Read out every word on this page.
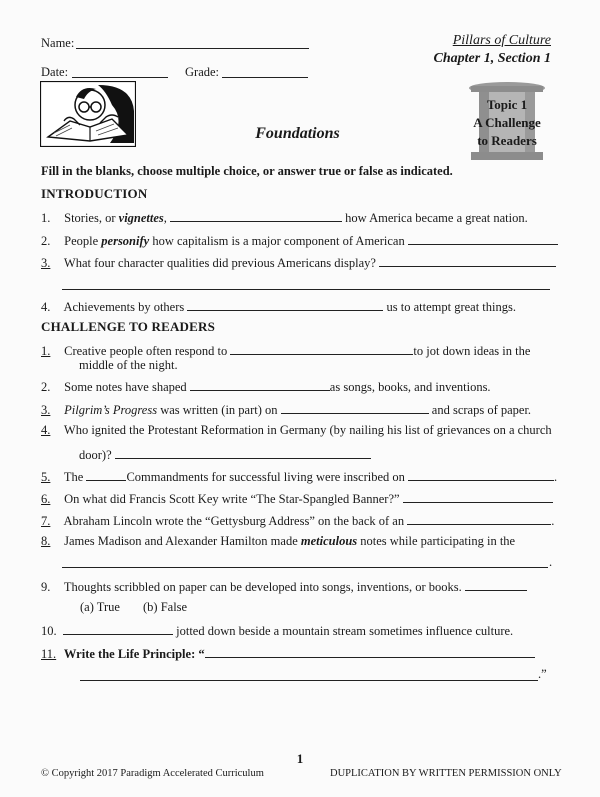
Name:
Date:	Grade:
Pillars of Culture
Chapter 1, Section 1
Foundations
Topic 1
A Challenge
to Readers
Fill in the blanks, choose multiple choice, or answer true or false as indicated.
INTRODUCTION
1. Stories, or vignettes,	how America became a great nation.
2. People personify how capitalism is a major component of American
3. What four character qualities did previous Americans display?
4. Achievements by others	us to attempt great things.
CHALLENGE TO READERS
1. Creative people often respond to	to jot down ideas in the
middle of the night.
2. Some notes have shaped	as songs, books, and inventions.
3. Pilgrim’s Progress was written (in part) on	and scraps of paper.
4. Who ignited the Protestant Reformation in Germany (by nailing his list of grievances on a church
door)?
5. The	Commandments for successful living were inscribed on	.
6. On what did Francis Scott Key write “The Star-Spangled Banner?”
7. Abraham Lincoln wrote the “Gettysburg Address” on the back of an	.
8. James Madison and Alexander Hamilton made meticulous notes while participating in the
.
9. Thoughts scribbled on paper can be developed into songs, inventions, or books.
(a) True (b) False
10.	jotted down beside a mountain stream sometimes influence culture.
11. Write the Life Principle: “
.”
1
© Copyright 2017 Paradigm Accelerated Curriculum	DUPLICATION BY WRITTEN PERMISSION ONLY
